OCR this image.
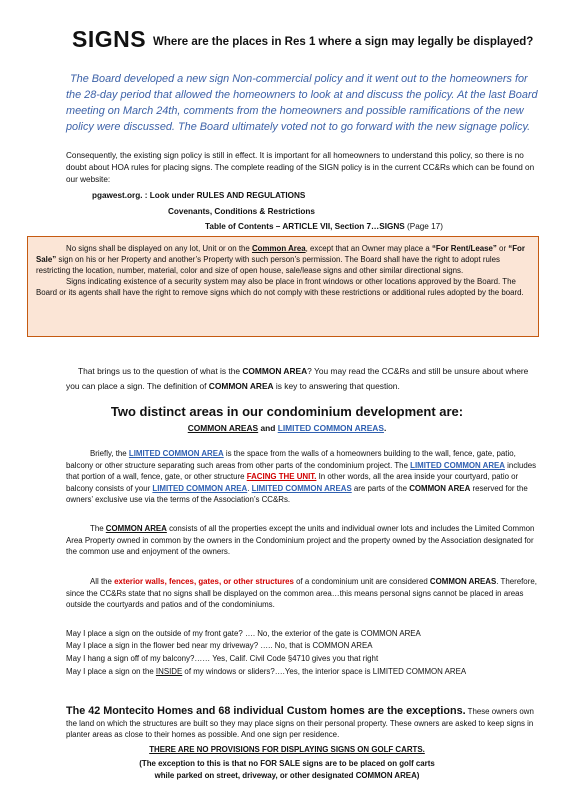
SIGNS Where are the places in Res 1 where a sign may legally be displayed?
The Board developed a new sign Non-commercial policy and it went out to the homeowners for the 28-day period that allowed the homeowners to look at and discuss the policy. At the last Board meeting on March 24th, comments from the homeowners and possible ramifications of the new policy were discussed. The Board ultimately voted not to go forward with the new signage policy.
Consequently, the existing sign policy is still in effect. It is important for all homeowners to understand this policy, so there is no doubt about HOA rules for placing signs. The complete reading of the SIGN policy is in the current CC&Rs which can be found on our website:
pgawest.org. : Look under RULES AND REGULATIONS
Covenants, Conditions & Restrictions
Table of Contents – ARTICLE VII, Section 7…SIGNS (Page 17)

No signs shall be displayed on any lot, Unit or on the Common Area, except that an Owner may place a “For Rent/Lease” or “For Sale” sign on his or her Property and another’s Property with such person’s permission. The Board shall have the right to adopt rules restricting the location, number, material, color and size of open house, sale/lease signs and other similar directional signs.

Signs indicating existence of a security system may also be place in front windows or other locations approved by the Board. The Board or its agents shall have the right to remove signs which do not comply with these restrictions or additional rules adopted by the board.

That brings us to the question of what is the COMMON AREA? You may read the CC&Rs and still be unsure about where you can place a sign. The definition of COMMON AREA is key to answering that question.
Two distinct areas in our condominium development are:
COMMON AREAS and LIMITED COMMON AREAS.
Briefly, the LIMITED COMMON AREA is the space from the walls of a homeowners building to the wall, fence, gate, patio, balcony or other structure separating such areas from other parts of the condominium project. The LIMITED COMMON AREA includes that portion of a wall, fence, gate, or other structure FACING THE UNIT. In other words, all the area inside your courtyard, patio or balcony consists of your LIMITED COMMON AREA. LIMITED COMMON AREAS are parts of the COMMON AREA reserved for the owners’ exclusive use via the terms of the Association’s CC&Rs.
The COMMON AREA consists of all the properties except the units and individual owner lots and includes the Limited Common Area Property owned in common by the owners in the Condominium project and the property owned by the Association designated for the common use and enjoyment of the owners.
All the exterior walls, fences, gates, or other structures of a condominium unit are considered COMMON AREAS. Therefore, since the CC&Rs state that no signs shall be displayed on the common area…this means personal signs cannot be placed in areas outside the courtyards and patios and of the condominiums.
May I place a sign on the outside of my front gate? …. No, the exterior of the gate is COMMON AREA
May I place a sign in the flower bed near my driveway? ….. No, that is COMMON AREA
May I hang a sign off of my balcony?…… Yes, Calif. Civil Code §4710 gives you that right
May I place a sign on the INSIDE of my windows or sliders?….Yes, the interior space is LIMITED COMMON AREA
The 42 Montecito Homes and 68 individual Custom homes are the exceptions. These owners own the land on which the structures are built so they may place signs on their personal property. These owners are asked to keep signs in planter areas as close to their homes as possible. And one sign per residence.
THERE ARE NO PROVISIONS FOR DISPLAYING SIGNS ON GOLF CARTS.
(The exception to this is that no FOR SALE signs are to be placed on golf carts
while parked on street, driveway, or other designated COMMON AREA)
